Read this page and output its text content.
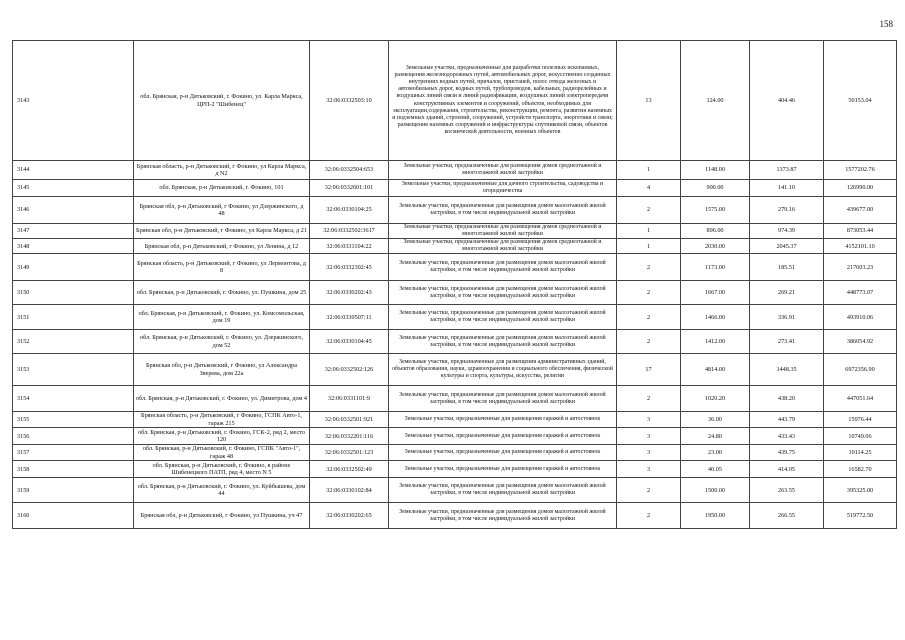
158
3143	обл. Брянская, р-н Дятьковский, г. Фокино, ул. Карла Маркса, ЦРП-2 "Шибенец"	32:06:0332503:10	Земельные участки, предназначенные для разработки полезных ископаемых, размещения железнодорожных путей, автомобильных дорог, искусственно созданных внутренних водных путей, причалов, пристаней, полос отвода железных и автомобильных дорог, водных путей, трубопроводов, кабельных, радиорелейных и воздушных линий связи и линий радиофикации, воздушных линий электропередачи конструктивных элементов и сооружений, объектов, необходимых для эксплуатации,содержания, строительства, реконструкции, ремонта, развития наземных и подземных зданий, строений, сооружений, устройств транспорта, энергетики и связи; размещения наземных сооружений и инфраструктуры спутниковой связи, объектов космической деятельности, военных объектов	13	124.00	404.46	50153.04
3144	Брянская область, р-н Дятьковский, г Фокино, ул Карла Маркса, д N2	32:06:0332504:653	Земельные участки, предназначенные для размещения домов среднеэтажной и многоэтажной жилой застройки	1	1148.00	1373.87	1577202.76
3145	обл. Брянская, р-н Дятьковский, г. Фокино, 101	32:06:0332601:101	Земельные участки, предназначенные для дачного строительства, садоводства и огородничества	4	900.00	141.10	126990.00
3146	Брянская обл, р-н Дятьковский, г Фокино, ул Дзержинского, д 48	32:06:0330104:25	Земельные участки, предназначенные для размещения домов малоэтажной жилой застройки, в том числе индивидуальной жилой застройки	2	1575.00	279.16	439677.00
3147	Брянская обл, р-н Дятьковский, г Фокино, ул Карла Маркса, д 21	32:06:0332502:3617	Земельные участки, предназначенные для размещения домов среднеэтажной и многоэтажной жилой застройки	1	896.00	974.39	873053.44
3148	Брянская обл, р-н Дятьковский, г Фокино, ул Ленина, д 12	32:06:0331104:22	Земельные участки, предназначенные для размещения домов среднеэтажной и многоэтажной жилой застройки	1	2030.00	2045.37	4152101.10
3149	Брянская область, р-н Дятьковский, г Фокино, ул Лермонтова, д 8	32:06:0332302:45	Земельные участки, предназначенные для размещения домов малоэтажной жилой застройки, в том числе индивидуальной жилой застройки	2	1173.00	185.51	217603.23
3150	обл. Брянская, р-н Дятьковский, г. Фокино, ул. Пушкина, дом 25	32:06:0330202:43	Земельные участки, предназначенные для размещения домов малоэтажной жилой застройки, в том числе индивидуальной жилой застройки	2	1667.00	269.21	448773.07
3151	обл. Брянская, р-н Дятьковский, г. Фокино, ул. Комсомольская, дом 19	32:06:0330507:11	Земельные участки, предназначенные для размещения домов малоэтажной жилой застройки, в том числе индивидуальной жилой застройки	2	1466.00	336.91	493910.06
3152	обл. Брянская, р-н Дятьковский, г. Фокино, ул. Дзержинского, дом 52	32:06:0330104:45	Земельные участки, предназначенные для размещения домов малоэтажной жилой застройки, в том числе индивидуальной жилой застройки	2	1412.00	273.41	386054.92
3153	Брянская обл, р-н Дятьковский, г Фокино, ул Александра Зверева, дом 22а	32:06:0332502:126	Земельные участки, предназначенные для размещения административных зданий, объектов образования, науки, здравоохранения и социального обеспечения, физической культуры и спорта, культуры, искусства, религии	17	4814.00	1448.35	6972356.90
3154	обл. Брянская, р-н Дятьковский, г. Фокино, ул. Димитрова, дом 4	32:06:0331101:9	Земельные участки, предназначенные для размещения домов малоэтажной жилой застройки, в том числе индивидуальной жилой застройки	2	1020.20	438.20	447051.64
3155	Брянская область, р-н Дятьковский, г Фокино, ГСПК Авто-1, гараж 215	32:06:0332501:921	Земельные участки, предназначенные для размещения гаражей и автостоянок	3	36.00	443.79	15976.44
3156	обл. Брянская, р-н Дятьковский, г. Фокино, ГСК-2, ряд 2, место 120	32:06:0332201:116	Земельные участки, предназначенные для размещения гаражей и автостоянок	3	24.80	433.43	10749.06
3157	обл. Брянская, р-н Дятьковский, г. Фокино, ГСПК "Авто-1", гараж 48	32:06:0332501:123	Земельные участки, предназначенные для размещения гаражей и автостоянок	3	23.00	439.75	10114.25
3158	обл. Брянская, р-н Дятьковский, г. Фокино, в районе Шибенецкого ПАТП, ряд 4, место N 5	32:06:0332502:49	Земельные участки, предназначенные для размещения гаражей и автостоянок	3	40.05	414.05	16582.70
3159	обл. Брянская, р-н Дятьковский, г. Фокино, ул. Куйбышева, дом 44	32:06:0330102:84	Земельные участки, предназначенные для размещения домов малоэтажной жилой застройки, в том числе индивидуальной жилой застройки	2	1500.00	263.55	395325.00
3160	Брянская обл, р-н Дятьковский, г Фокино, ул Пушкина, уч 47	32:06:0330202:65	Земельные участки, предназначенные для размещения домов малоэтажной жилой застройки, в том числе индивидуальной жилой застройки	2	1950.00	266.55	519772.50
